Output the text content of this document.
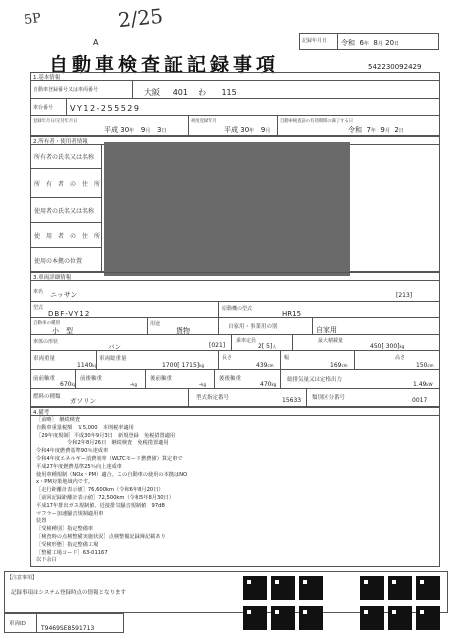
5P	2/25
A	記録年月日 令和 6年 8月 20日
自動車検査証記録事項	542230092429
1.基本情報
自動車登録番号又は車両番号	大阪 401 わ 115
車台番号 VY12-255529
登録年月日/交付年月日
平成 30年 9月 3日
初度登録年月
平成 30年 9月
自動車検査証の有効期間の満了する日
令和 7年 9月 2日
2.所有者・使用者情報
所有者の氏名又は名称
所　有　者　の　住　所
使用者の氏名又は名称
使　用　者　の　住　所
使用の本拠の位置
3.車両詳細情報
車名 ニッサン	[213]
型式
DBF-VY12
原動機の型式
HR15
自動車の種別
小　型
用途
貨物	自家用・事業用の別	自家用
車体の形状
バン	[021]
乗車定員
2[ 5]人
最大積載量
450[ 300]kg
車両重量
1140kg
車両総重量
1700[ 1715]kg
長さ
439cm
幅
169cm
高さ
150cm
前前軸重
670kg
前後軸重
-kg
後前軸重
-kg
後後軸重
470kg
総排気量又は定格出力
1.49kW
燃料の種類 ガソリン	型式指定番号	15633 類別区分番号	0017
4.備考
［前略］　継続検査
自動車重量税額　￥5,000　本則税率適用
［29年度規制］平成30年9月3日　新規登録　免税措置適用
　　　　　　令和2年8月26日　継続検査　免税措置適用
令和4年度燃費基準90％達成車
令和4年度エネルギー消費効率（WLTCモード燃費値）算定車で
平成27年度燃費基準25％向上達成車
使用車種規制（NOx・PM）適合。この自動車の使用の本拠はNO
x・PM対策地域内です。
［走行距離計表示値］76,600km（令和6年8月20日）
［前回記録距離計表示値］72,500km（令和5年8月30日）
平成17年排出ガス規制値、近接排気騒音規制値　97dB
マフラー加速騒音規制適用車
装置
［受検種別］指定整備車
［検査時の点検整備実施状況］点検整備記録簿記載あり
［受検形態］指定整備工場
［整備工場コード］63-01167
以下余白
【注意事項】
記録事項はシステム登録時点の情報となります
車両ID
T9469SE8591713
